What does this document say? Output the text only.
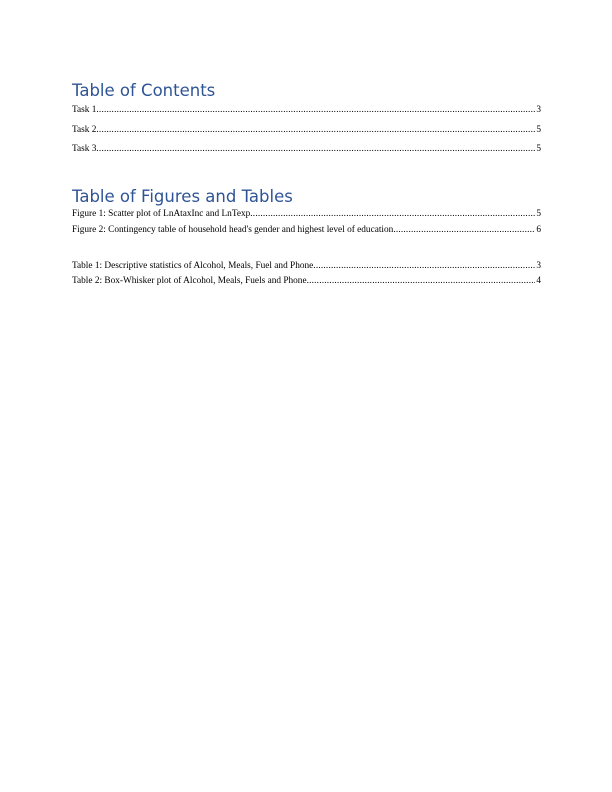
Table of Contents
Task 1 .....	3
Task 2 .....	5
Task 3 .....	5
Table of Figures and Tables
Figure 1: Scatter plot of LnAtaxInc and LnTexp .....	5
Figure 2: Contingency table of household head's gender and highest level of education .....	6
Table 1: Descriptive statistics of Alcohol, Meals, Fuel and Phone .....	3
Table 2: Box-Whisker plot of Alcohol, Meals, Fuels and Phone .....	4
